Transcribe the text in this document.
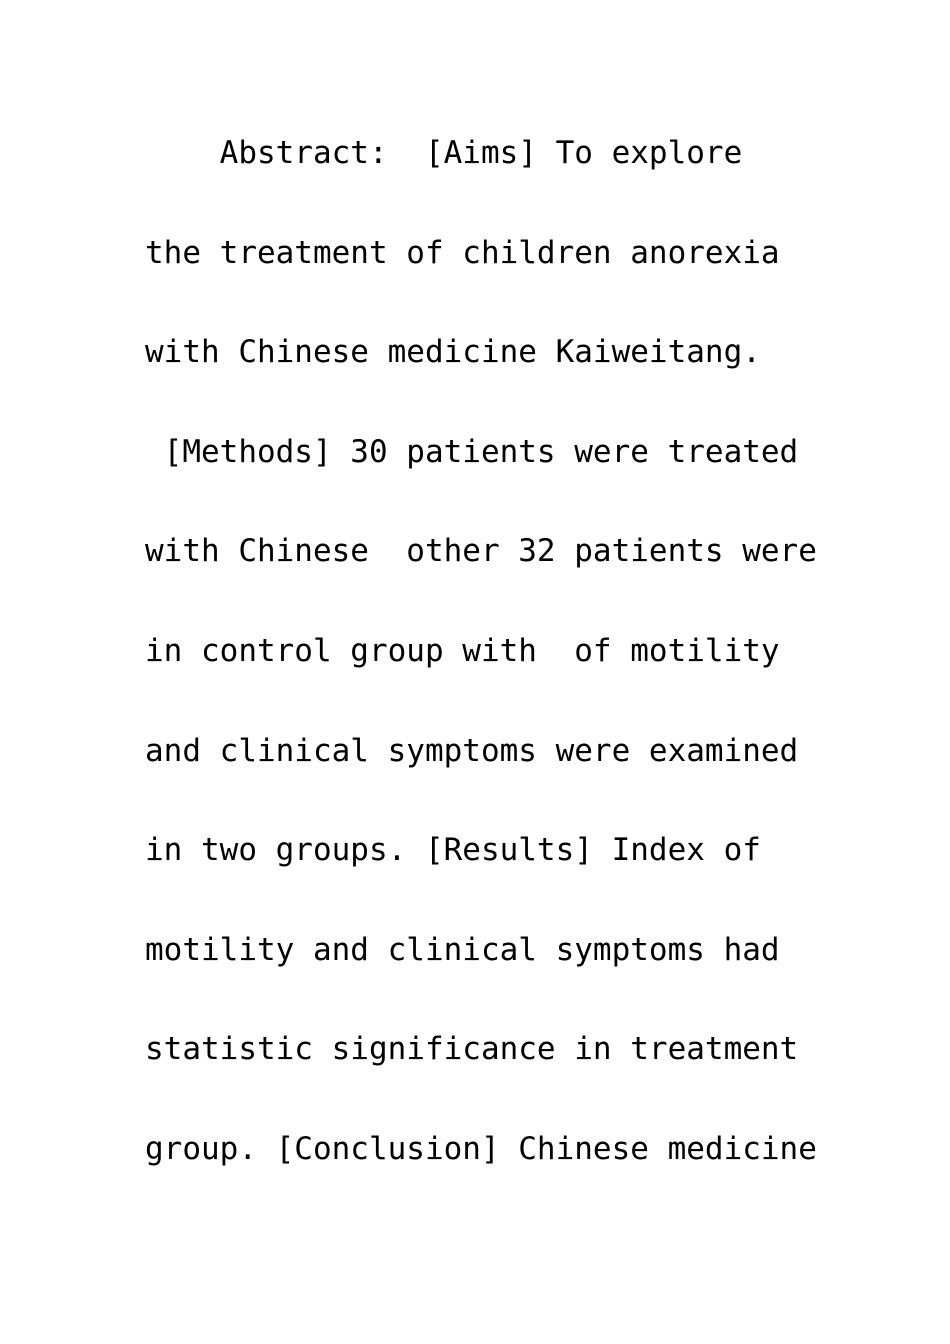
Abstract:  [Aims] To explore
the treatment of children anorexia
with Chinese medicine Kaiweitang.
[Methods] 30 patients were treated
with Chinese  other 32 patients were
in control group with  of motility
and clinical symptoms were examined
in two groups. [Results] Index of
motility and clinical symptoms had
statistic significance in treatment
group. [Conclusion] Chinese medicine
